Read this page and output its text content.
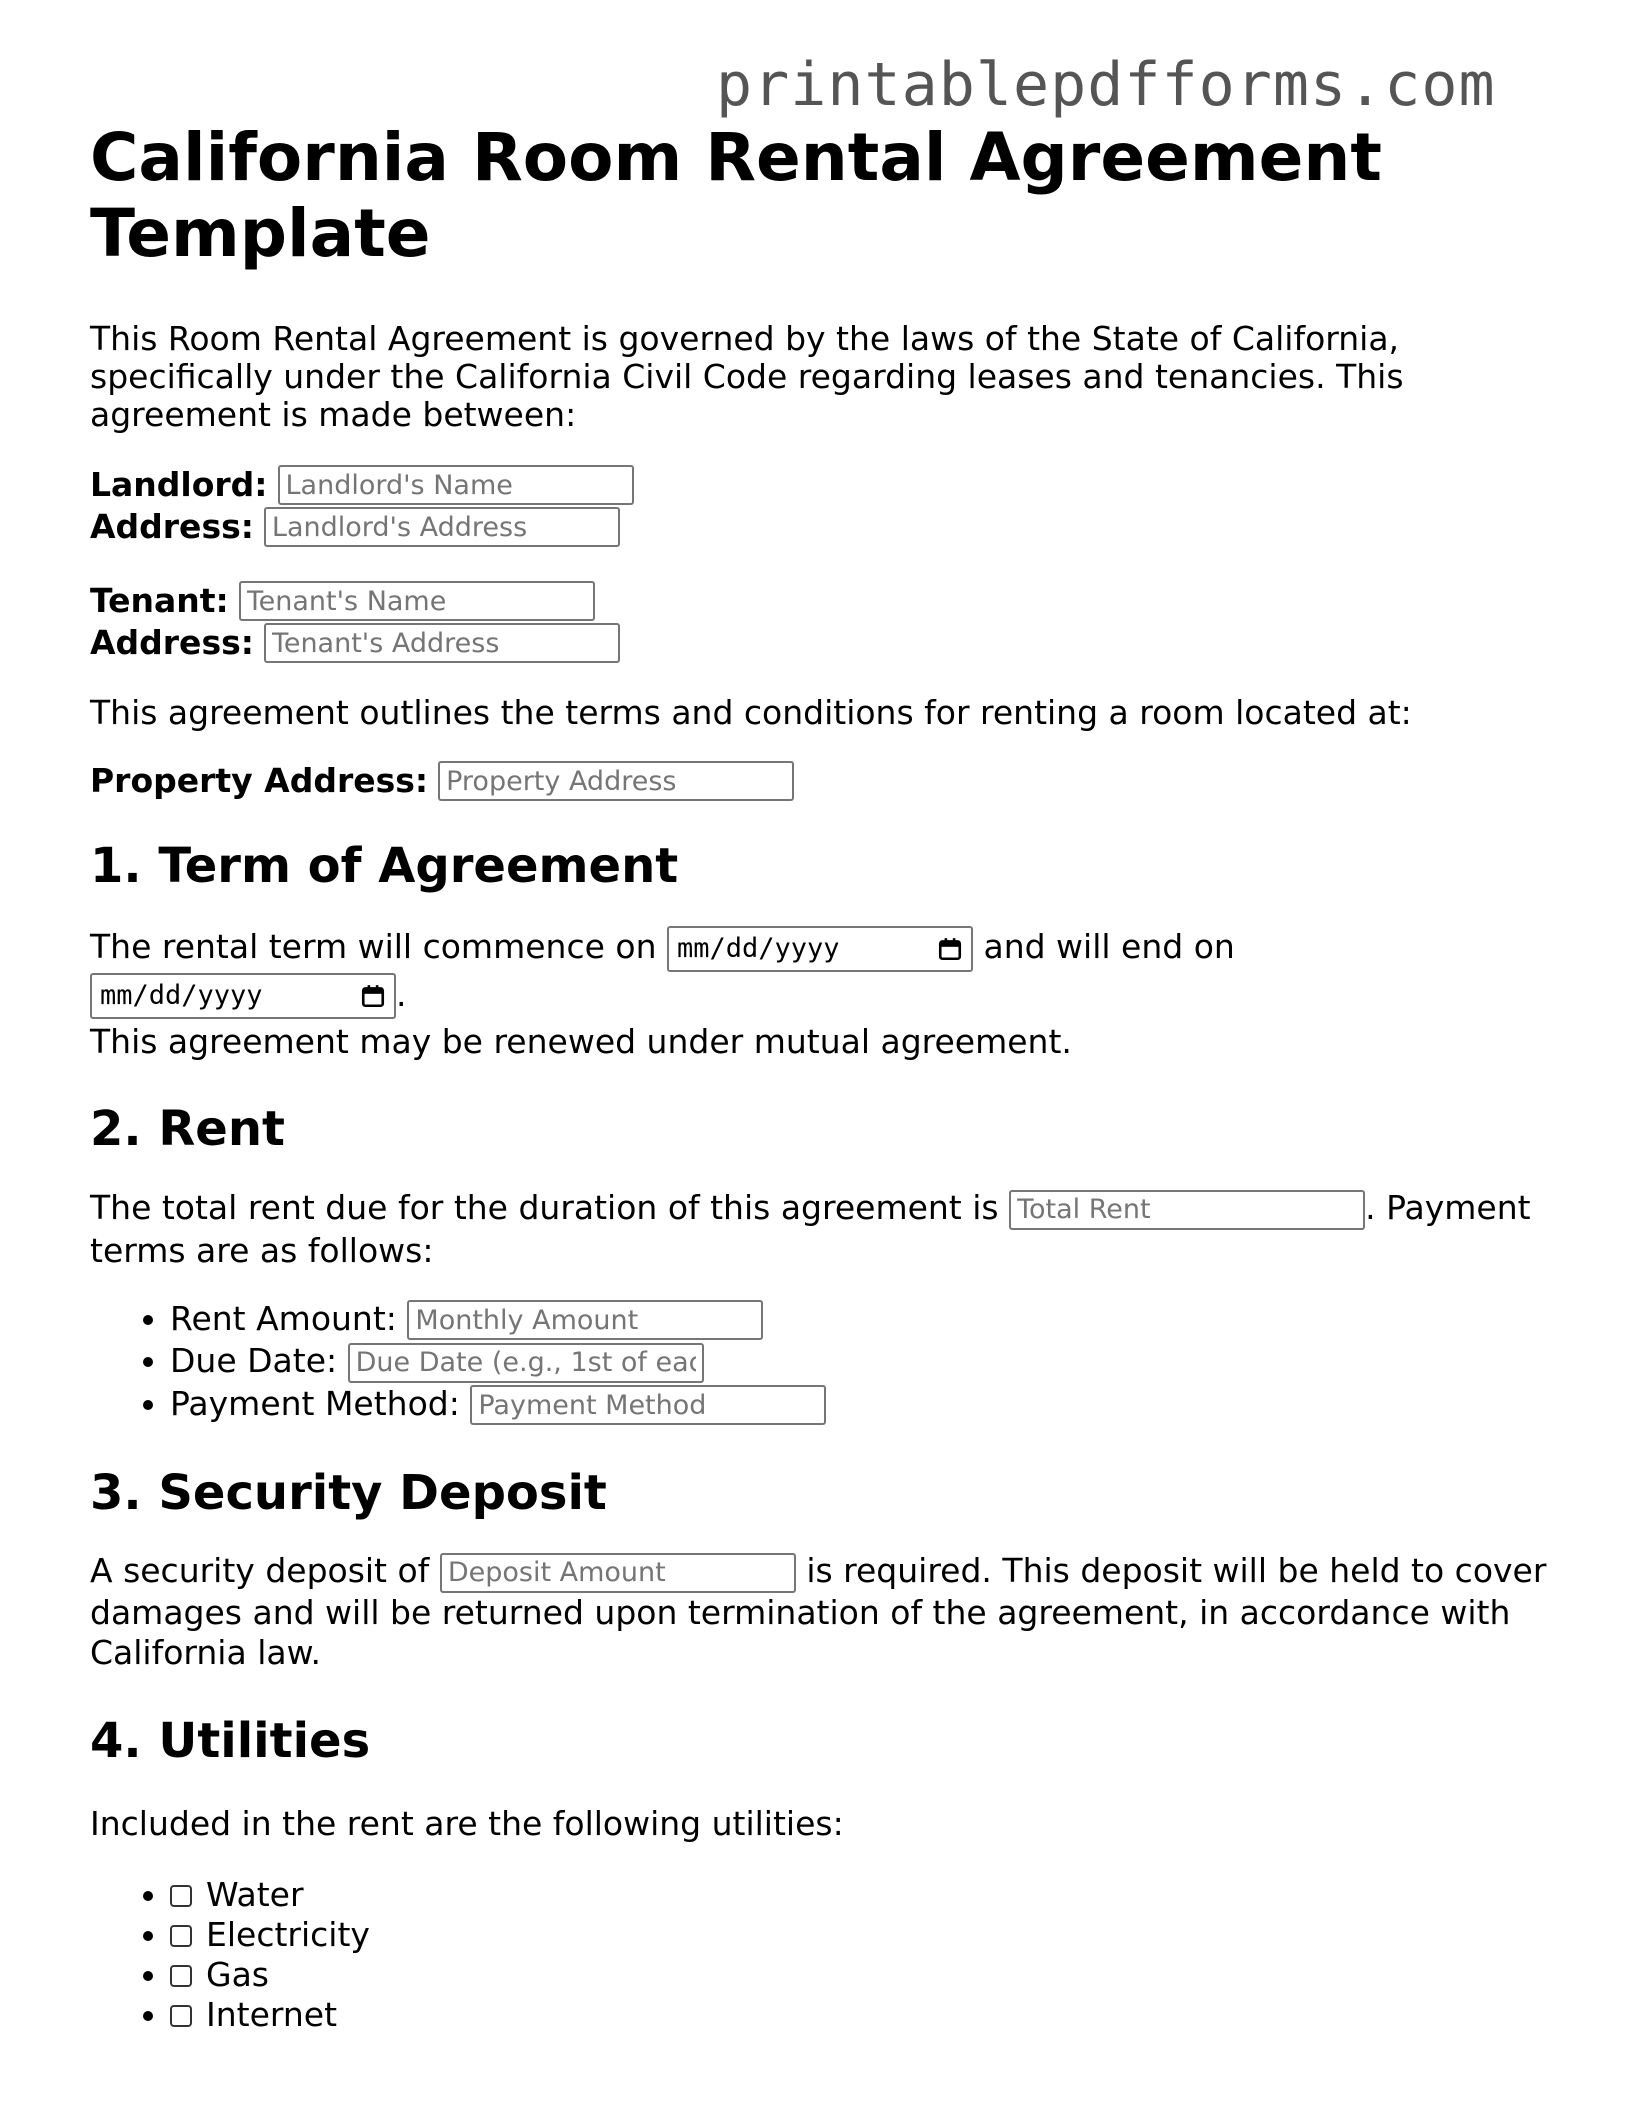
printablepdfforms.com
California Room Rental Agreement Template

This Room Rental Agreement is governed by the laws of the State of California, specifically under the California Civil Code regarding leases and tenancies. This agreement is made between:

Landlord:
Landlord's Name
Address:
Landlord's Address
Tenant:
Tenant's Name
Address:
Tenant's Address

This agreement outlines the terms and conditions for renting a room located at:

Property Address:
Property Address
1. Term of Agreement

The rental term will commence on mm/dd/yyyy	and will end on
mm/dd/yyyy	.
This agreement may be renewed under mutual agreement.

2. Rent

The total rent due for the duration of this agreement is Total Rent	. Payment terms are as follows:

• Rent Amount: Monthly Amount
• Due Date: Due Date (e.g., 1st of each month)
• Payment Method: Payment Method
3. Security Deposit

A security deposit of Deposit Amount	is required. This deposit will be held to cover damages and will be returned upon termination of the agreement, in accordance with California law.

4. Utilities

Included in the rent are the following utilities:

• Water
• Electricity
• Gas
• Internet
